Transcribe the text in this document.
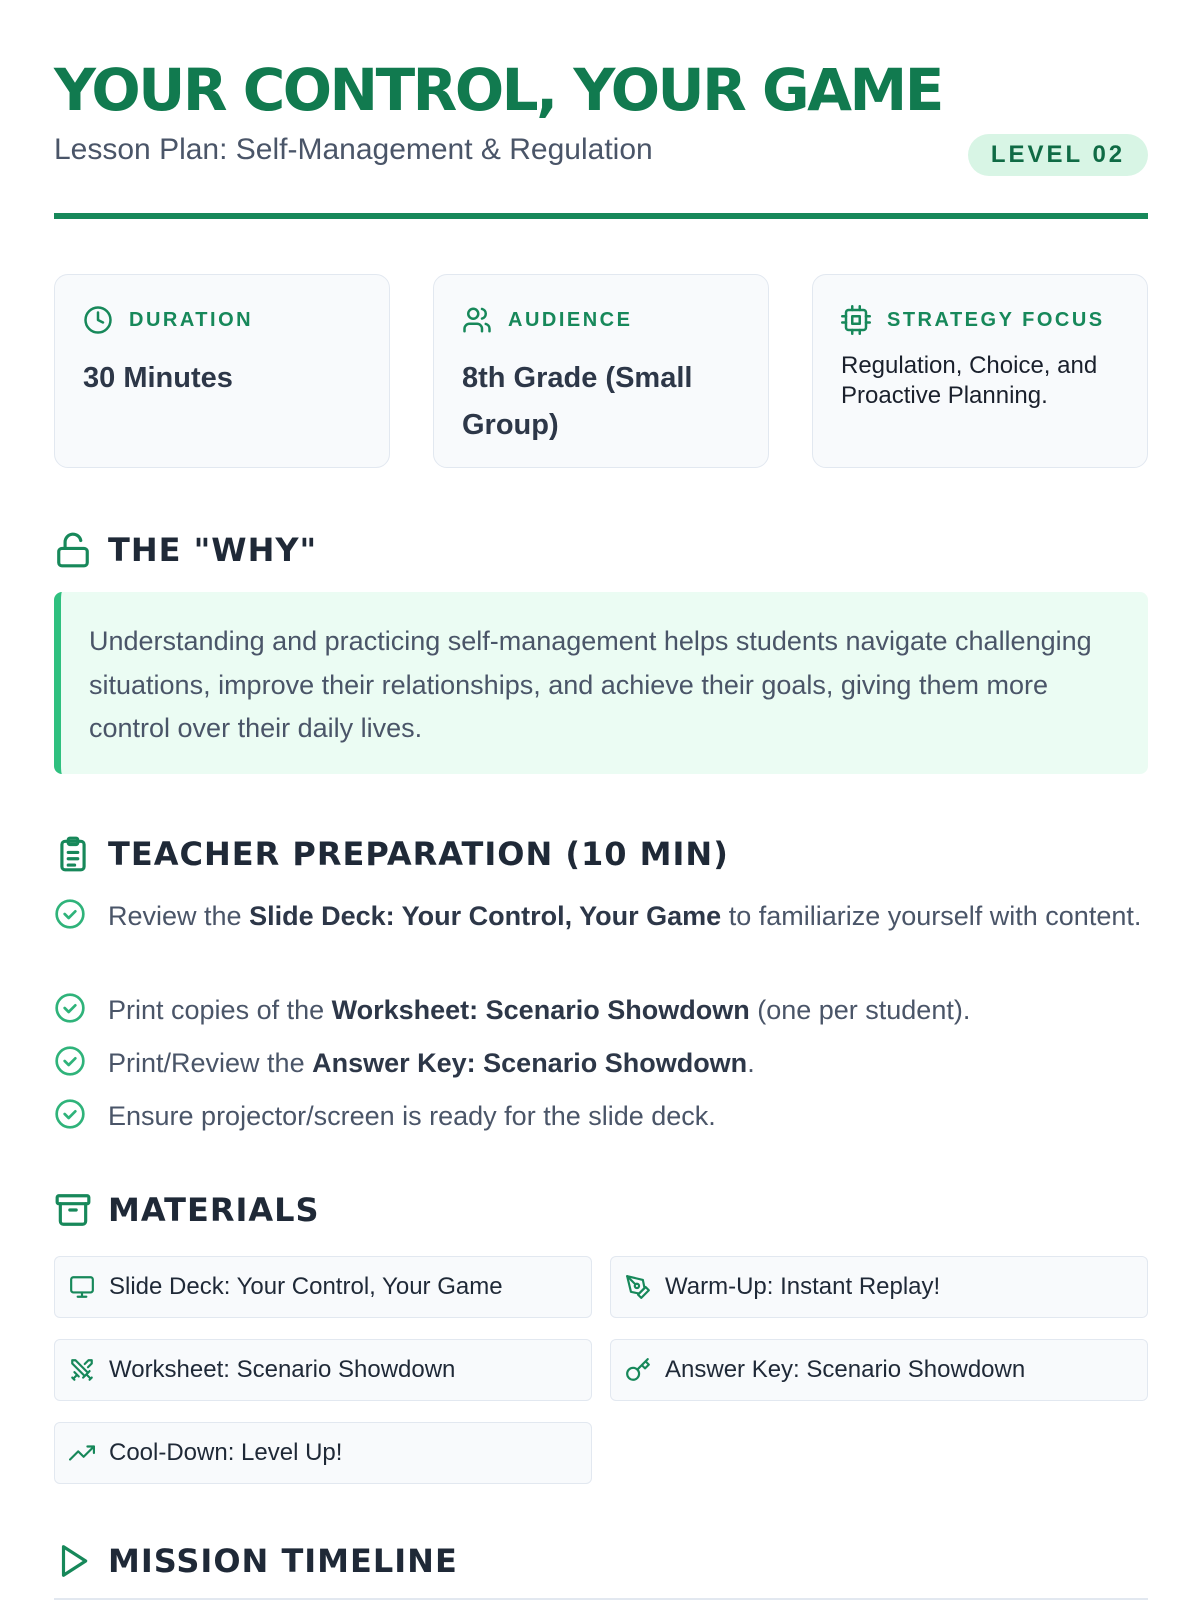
YOUR CONTROL, YOUR GAME
Lesson Plan: Self-Management & Regulation	LEVEL 02
DURATION
30 Minutes
AUDIENCE
8th Grade (Small Group)
STRATEGY FOCUS
Regulation, Choice, and Proactive Planning.
THE "WHY"
Understanding and practicing self-management helps students navigate challenging situations, improve their relationships, and achieve their goals, giving them more control over their daily lives.
TEACHER PREPARATION (10 MIN)
Review the Slide Deck: Your Control, Your Game to familiarize yourself with content.
Print copies of the Worksheet: Scenario Showdown (one per student).
Print/Review the Answer Key: Scenario Showdown.
Ensure projector/screen is ready for the slide deck.
MATERIALS
Slide Deck: Your Control, Your Game	Warm-Up: Instant Replay!
Worksheet: Scenario Showdown	Answer Key: Scenario Showdown
Cool-Down: Level Up!
MISSION TIMELINE
